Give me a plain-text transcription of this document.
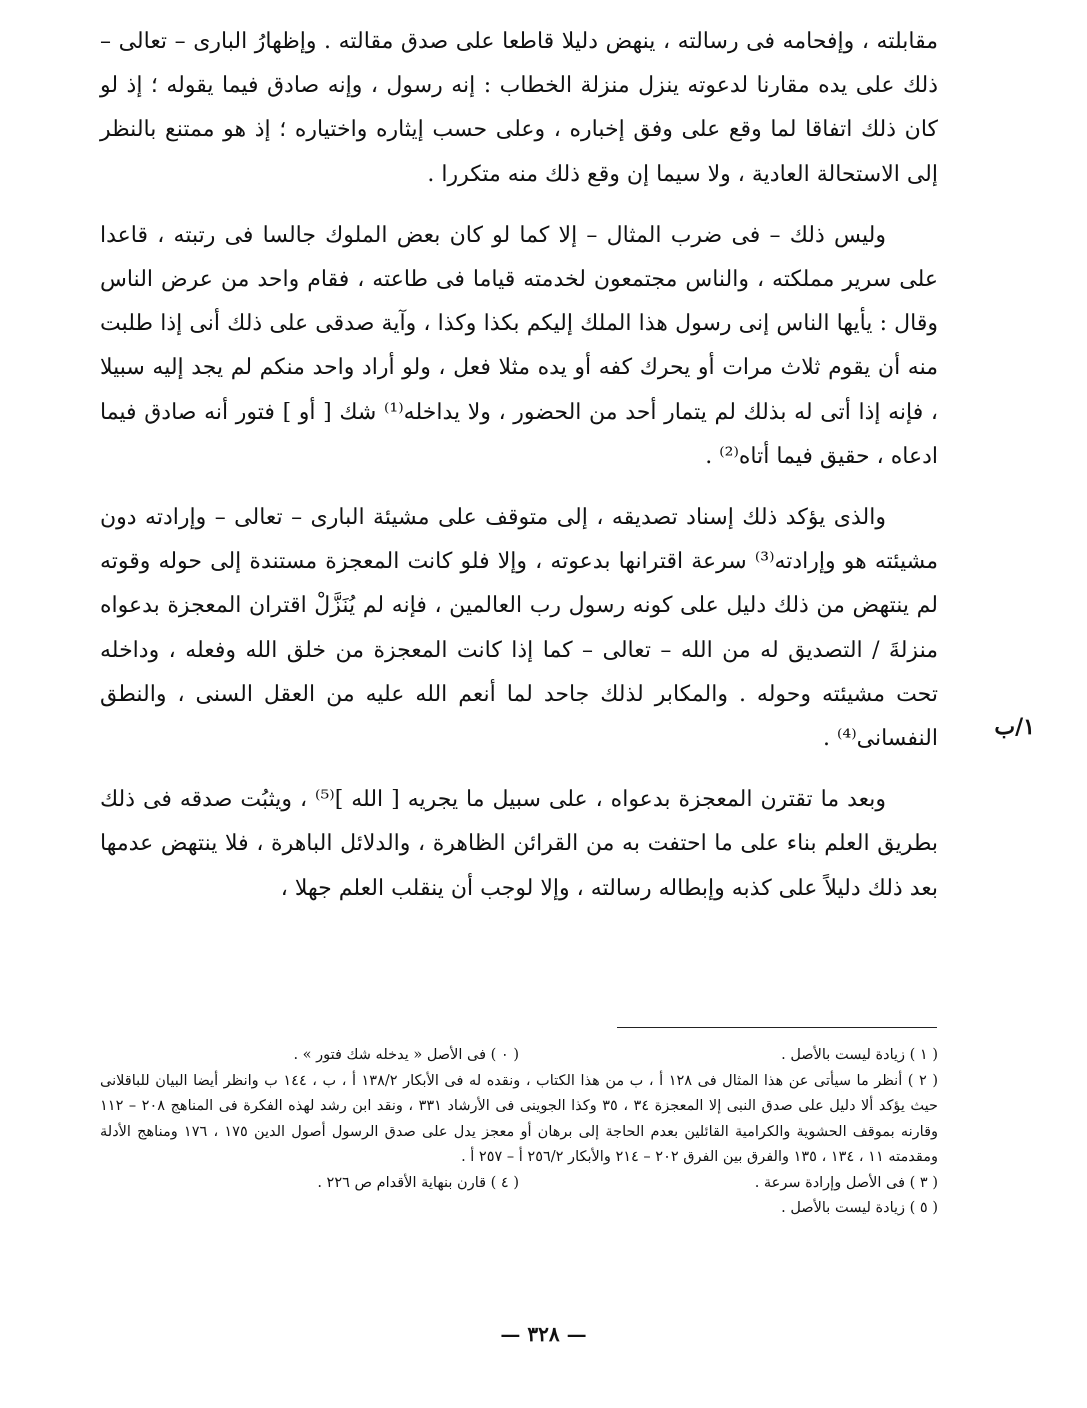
مقابلته ، وإفحامه فى رسالته ، ينهض دليلا قاطعا على صدق مقالته . وإظهارُ البارى – تعالى – ذلك على يده مقارنا لدعوته ينزل منزلة الخطاب : إنه رسول ، وإنه صادق فيما يقوله ؛ إذ لو كان ذلك اتفاقا لما وقع على وفق إخباره ، وعلى حسب إيثاره واختياره ؛ إذ هو ممتنع بالنظر إلى الاستحالة العادية ، ولا سيما إن وقع ذلك منه متكررا .

وليس ذلك – فى ضرب المثال – إلا كما لو كان بعض الملوك جالسا فى رتبته ، قاعدا على سرير مملكته ، والناس مجتمعون لخدمته قياما فى طاعته ، فقام واحد من عرض الناس وقال : يأيها الناس إنى رسول هذا الملك إليكم بكذا وكذا ، وآية صدقى على ذلك أنى إذا طلبت منه أن يقوم ثلاث مرات أو يحرك كفه أو يده مثلا فعل ، ولو أراد واحد منكم لم يجد إليه سبيلا ، فإنه إذا أتى له بذلك لم يتمار أحد من الحضور ، ولا يداخله⁽¹⁾ شك [ أو ] فتور أنه صادق فيما ادعاه ، حقيق فيما أتاه⁽²⁾ .

والذى يؤكد ذلك إسناد تصديقه ، إلى متوقف على مشيئة البارى – تعالى – وإرادته دون مشيئته هو وإرادته⁽³⁾ سرعة اقترانها بدعوته ، وإلا فلو كانت المعجزة مستندة إلى حوله وقوته لم ينتهض من ذلك دليل على كونه رسول رب العالمين ، فإنه لم يُنَزَّلْ اقتران المعجزة بدعواه منزلةَ / التصديق له من الله – تعالى – كما إذا كانت المعجزة من خلق الله وفعله ، وداخله تحت مشيئته وحوله . والمكابر لذلك جاحد لما أنعم الله عليه من العقل السنى ، والنطق النفسانى⁽⁴⁾ .

وبعد ما تقترن المعجزة بدعواه ، على سبيل ما يجريه [ الله ]⁽⁵⁾ ، ويثبُت صدقه فى ذلك بطريق العلم بناء على ما احتفت به من القرائن الظاهرة ، والدلائل الباهرة ، فلا ينتهض عدمها بعد ذلك دليلاً على كذبه وإبطاله رسالته ، وإلا لوجب أن ينقلب العلم جهلا ،

١/ب
( ١ ) زيادة ليست بالأصل .
( ٠ ) فى الأصل « يدخله شك فتور » .

( ٢ ) أنظر ما سيأتى عن هذا المثال فى ١٢٨ أ ، ب من هذا الكتاب ، ونقده له فى الأبكار ١٣٨/٢ أ ، ب ، ١٤٤ ب وانظر أيضا البيان للباقلانى حيث يؤكد ألا دليل على صدق النبى إلا المعجزة ٣٤ ، ٣٥ وكذا الجوينى فى الأرشاد ٣٣١ ، ونقد ابن رشد لهذه الفكرة فى المناهج ٢٠٨ – ١١٢ وقارنه بموقف الحشوية والكرامية القائلين بعدم الحاجة إلى برهان أو معجز يدل على صدق الرسول أصول الدين ١٧٥ ، ١٧٦ ومناهج الأدلة ومقدمته ١١ ، ١٣٤ ، ١٣٥ والفرق بين الفرق ٢٠٢ – ٢١٤ والأبكار ٢٥٦/٢ أ – ٢٥٧ أ .

( ٣ ) فى الأصل وإرادة سرعة .
( ٤ ) قارن بنهاية الأقدام ص ٢٢٦ .

( ٥ ) زيادة ليست بالأصل .

— ٣٢٨ —
